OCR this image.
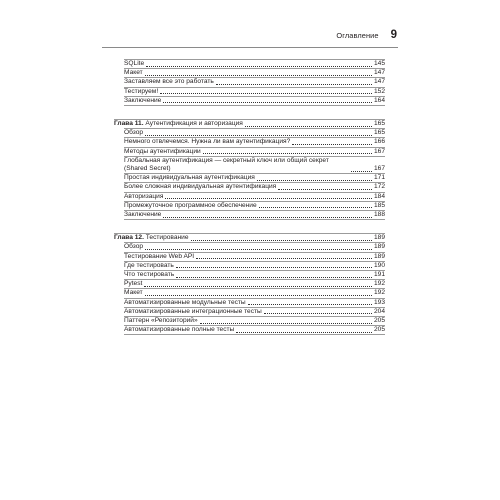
Оглавление 9
SQLite	145
Макет	147
Заставляем все это работать	147
Тестируем!	152
Заключение	164
Глава 11. Аутентификация и авторизация	165
Обзор	165
Немного отвлечемся. Нужна ли вам аутентификация?	166
Методы аутентификации	167
Глобальная аутентификация — секретный ключ или общий секрет (Shared Secret)	167
Простая индивидуальная аутентификация	171
Более сложная индивидуальная аутентификация	172
Авторизация	184
Промежуточное программное обеспечение	185
Заключение	188
Глава 12. Тестирование	189
Обзор	189
Тестирование Web API	189
Где тестировать	190
Что тестировать	191
Pytest	192
Макет	192
Автоматизированные модульные тесты	193
Автоматизированные интеграционные тесты	204
Паттерн «Репозиторий»	205
Автоматизированные полные тесты	205
